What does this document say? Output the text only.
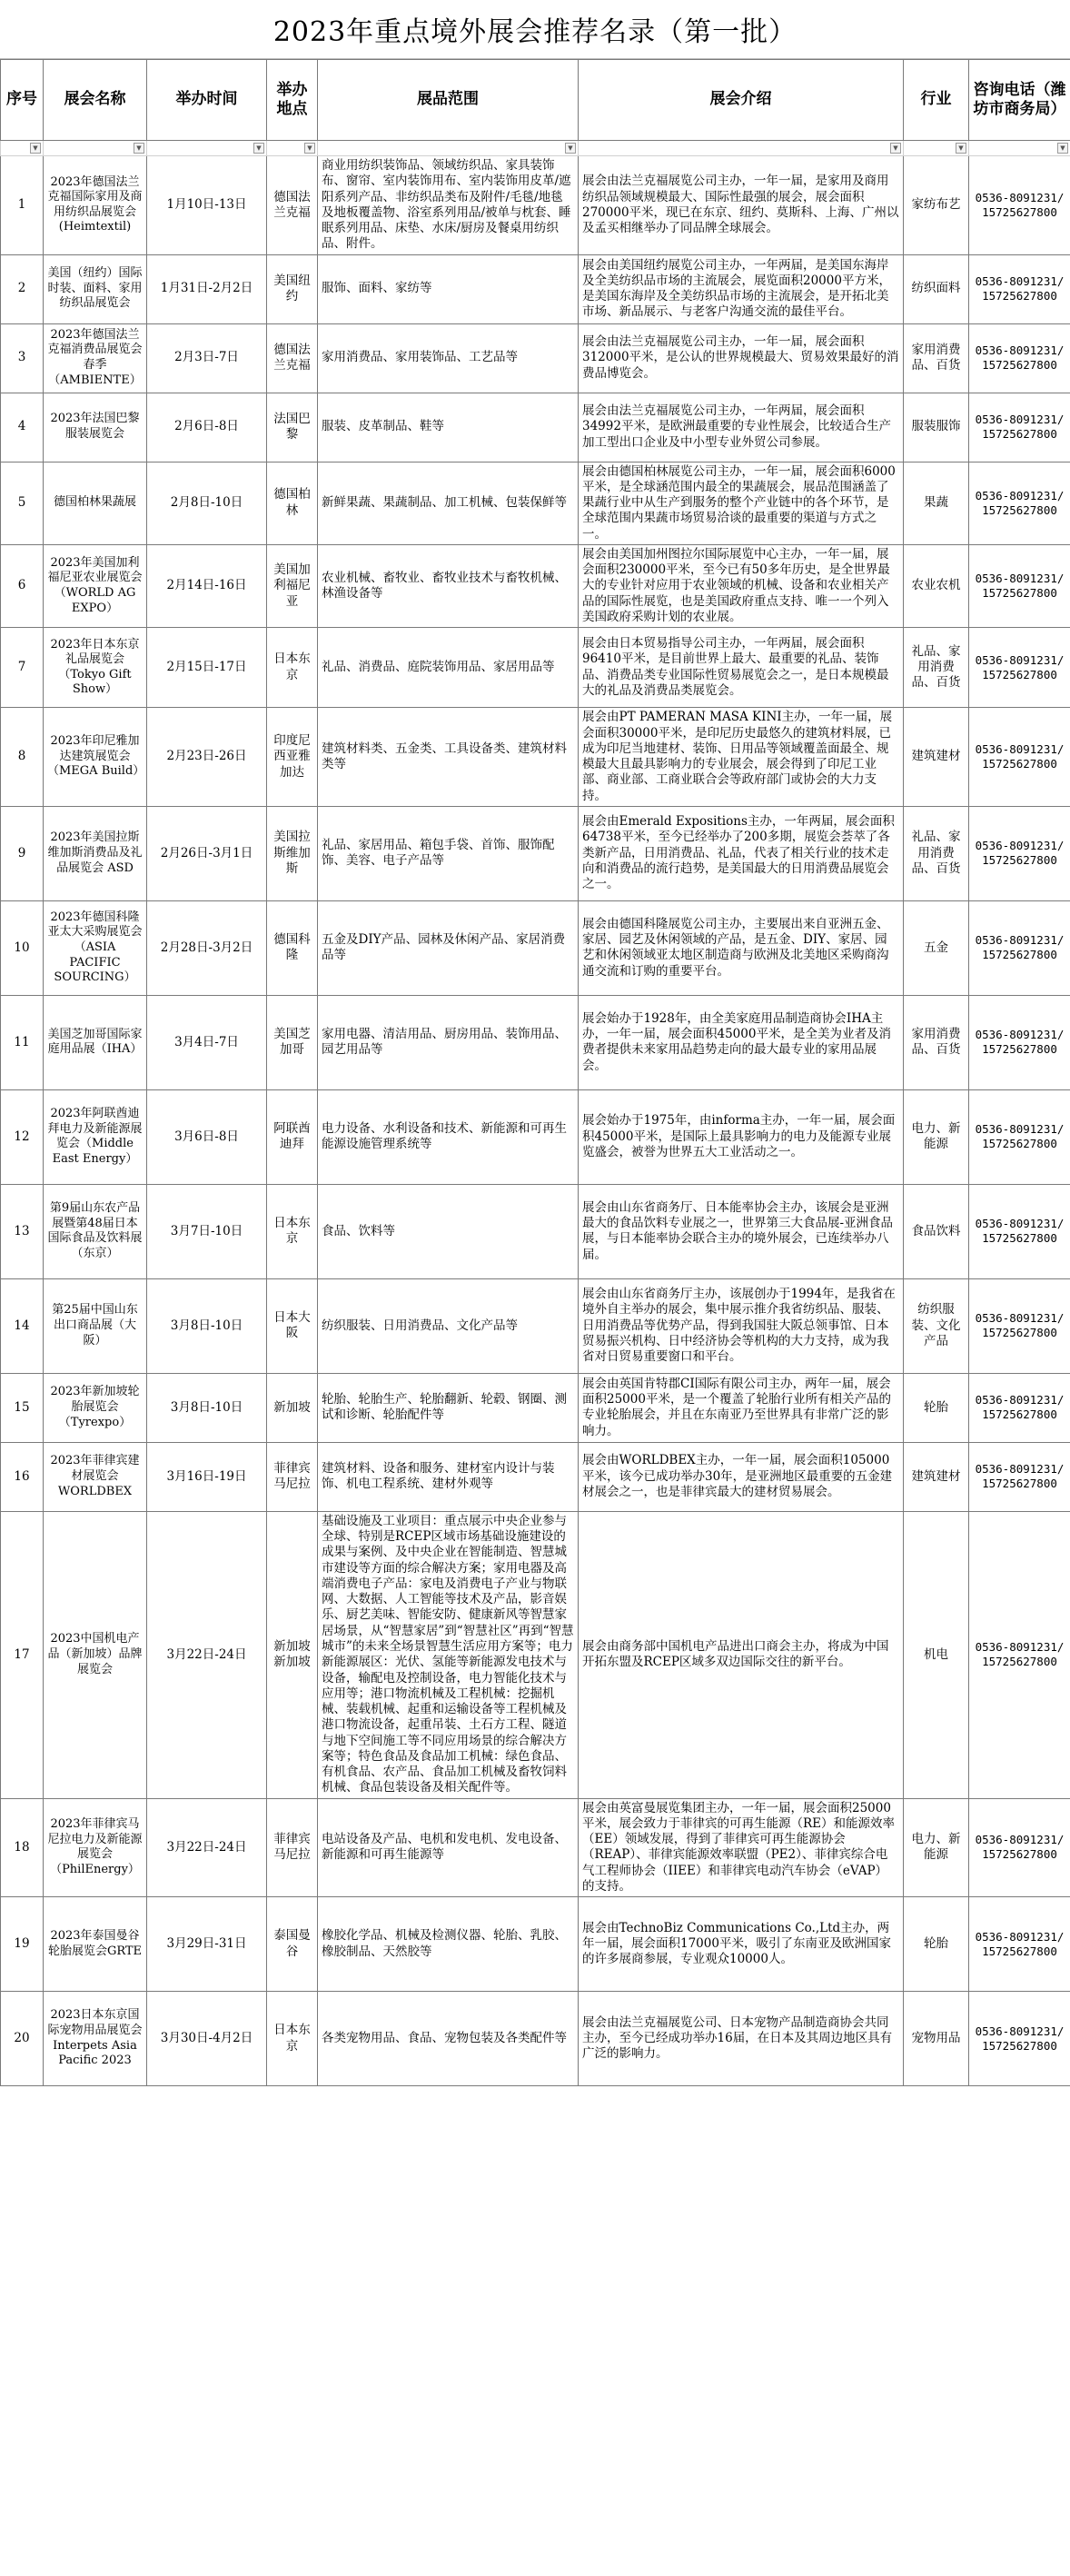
2023年重点境外展会推荐名录（第一批）
▼	▼	▼	▼	▼	▼	▼	▼

序号	展会名称	举办时间	举办地点	展品范围	展会介绍	行业	咨询电话（潍坊市商务局）
1	2023年德国法兰克福国际家用及商用纺织品展览会(Heimtextil)	1月10日-13日	德国法兰克福	商业用纺织装饰品、领域纺织品、家具装饰布、窗帘、室内装饰用布、室内装饰用皮革/遮阳系列产品、非纺织品类布及附件/毛毯/地毯及地板覆盖物、浴室系列用品/被单与枕套、睡眠系列用品、床垫、水床/厨房及餐桌用纺织品、附件。	展会由法兰克福展览公司主办，一年一届，是家用及商用纺织品领域规模最大、国际性最强的展会，展会面积270000平米，现已在东京、纽约、莫斯科、上海、广州以及孟买相继举办了同品牌全球展会。	家纺布艺	0536-8091231/15725627800
2	美国（纽约）国际时装、面料、家用纺织品展览会	1月31日-2月2日	美国纽约	服饰、面料、家纺等	展会由美国纽约展览公司主办，一年两届，是美国东海岸及全美纺织品市场的主流展会，展览面积20000平方米，是美国东海岸及全美纺织品市场的主流展会，是开拓北美市场、新品展示、与老客户沟通交流的最佳平台。	纺织面料	0536-8091231/15725627800
3	2023年德国法兰克福消费品展览会春季（AMBIENTE）	2月3日-7日	德国法兰克福	家用消费品、家用装饰品、工艺品等	展会由法兰克福展览公司主办，一年一届，展会面积312000平米，是公认的世界规模最大、贸易效果最好的消费品博览会。	家用消费品、百货	0536-8091231/15725627800
4	2023年法国巴黎服装展览会	2月6日-8日	法国巴黎	服装、皮革制品、鞋等	展会由法兰克福展览公司主办，一年两届，展会面积34992平米，是欧洲最重要的专业性展会，比较适合生产加工型出口企业及中小型专业外贸公司参展。	服装服饰	0536-8091231/15725627800
5	德国柏林果蔬展	2月8日-10日	德国柏林	新鲜果蔬、果蔬制品、加工机械、包装保鲜等	展会由德国柏林展览公司主办，一年一届，展会面积6000平米，是全球涵范围内最全的果蔬展会，展品范围涵盖了果蔬行业中从生产到服务的整个产业链中的各个环节，是全球范围内果蔬市场贸易洽谈的最重要的渠道与方式之一。	果蔬	0536-8091231/15725627800
6	2023年美国加利福尼亚农业展览会（WORLD AG EXPO）	2月14日-16日	美国加利福尼亚	农业机械、畜牧业、畜牧业技术与畜牧机械、林渔设备等	展会由美国加州图拉尔国际展览中心主办，一年一届，展会面积230000平米，至今已有50多年历史，是全世界最大的专业针对应用于农业领域的机械、设备和农业相关产品的国际性展览，也是美国政府重点支持、唯一一个列入美国政府采购计划的农业展。	农业农机	0536-8091231/15725627800
7	2023年日本东京礼品展览会（Tokyo Gift Show）	2月15日-17日	日本东京	礼品、消费品、庭院装饰用品、家居用品等	展会由日本贸易指导公司主办，一年两届，展会面积96410平米，是目前世界上最大、最重要的礼品、装饰品、消费品类专业国际性贸易展览会之一，是日本规模最大的礼品及消费品类展览会。	礼品、家用消费品、百货	0536-8091231/15725627800
8	2023年印尼雅加达建筑展览会（MEGA Build）	2月23日-26日	印度尼西亚雅加达	建筑材料类、五金类、工具设备类、建筑材料类等	展会由PT PAMERAN MASA KINI主办，一年一届，展会面积30000平米，是印尼历史最悠久的建筑材料展，已成为印尼当地建材、装饰、日用品等领域覆盖面最全、规模最大且最具影响力的专业展会，展会得到了印尼工业部、商业部、工商业联合会等政府部门或协会的大力支持。	建筑建材	0536-8091231/15725627800
9	2023年美国拉斯维加斯消费品及礼品展览会 ASD	2月26日-3月1日	美国拉斯维加斯	礼品、家居用品、箱包手袋、首饰、服饰配饰、美容、电子产品等	展会由Emerald Expositions主办，一年两届，展会面积64738平米，至今已经举办了200多期，展览会荟萃了各类新产品，日用消费品、礼品，代表了相关行业的技术走向和消费品的流行趋势，是美国最大的日用消费品展览会之一。	礼品、家用消费品、百货	0536-8091231/15725627800
10	2023年德国科隆亚太大采购展览会（ASIA PACIFIC SOURCING）	2月28日-3月2日	德国科隆	五金及DIY产品、园林及休闲产品、家居消费品等	展会由德国科隆展览公司主办，主要展出来自亚洲五金、家居、园艺及休闲领域的产品，是五金、DIY、家居、园艺和休闲领域亚太地区制造商与欧洲及北美地区采购商沟通交流和订购的重要平台。	五金	0536-8091231/15725627800
11	美国芝加哥国际家庭用品展（IHA）	3月4日-7日	美国芝加哥	家用电器、清洁用品、厨房用品、装饰用品、园艺用品等	展会始办于1928年，由全美家庭用品制造商协会IHA主办，一年一届，展会面积45000平米，是全美为业者及消费者提供未来家用品趋势走向的最大最专业的家用品展会。	家用消费品、百货	0536-8091231/15725627800
12	2023年阿联酋迪拜电力及新能源展览会（Middle East Energy）	3月6日-8日	阿联酋迪拜	电力设备、水利设备和技术、新能源和可再生能源设施管理系统等	展会始办于1975年，由informa主办，一年一届，展会面积45000平米，是国际上最具影响力的电力及能源专业展览盛会，被誉为世界五大工业活动之一。	电力、新能源	0536-8091231/15725627800
13	第9届山东农产品展暨第48届日本国际食品及饮料展（东京）	3月7日-10日	日本东京	食品、饮料等	展会由山东省商务厅、日本能率协会主办，该展会是亚洲最大的食品饮料专业展之一，世界第三大食品展-亚洲食品展，与日本能率协会联合主办的境外展会，已连续举办八届。	食品饮料	0536-8091231/15725627800
14	第25届中国山东出口商品展（大阪）	3月8日-10日	日本大阪	纺织服装、日用消费品、文化产品等	展会由山东省商务厅主办，该展创办于1994年，是我省在境外自主举办的展会，集中展示推介我省纺织品、服装、日用消费品等优势产品，得到我国驻大阪总领事馆、日本贸易振兴机构、日中经济协会等机构的大力支持，成为我省对日贸易重要窗口和平台。	纺织服装、文化产品	0536-8091231/15725627800
15	2023年新加坡轮胎展览会（Tyrexpo）	3月8日-10日	新加坡	轮胎、轮胎生产、轮胎翻新、轮毂、钢圈、测试和诊断、轮胎配件等	展会由英国肯特郡CI国际有限公司主办，两年一届，展会面积25000平米，是一个覆盖了轮胎行业所有相关产品的专业轮胎展会，并且在东南亚乃至世界具有非常广泛的影响力。	轮胎	0536-8091231/15725627800
16	2023年菲律宾建材展览会WORLDBEX	3月16日-19日	菲律宾马尼拉	建筑材料、设备和服务、建材室内设计与装饰、机电工程系统、建材外观等	展会由WORLDBEX主办，一年一届，展会面积105000平米，该今已成功举办30年，是亚洲地区最重要的五金建材展会之一，也是菲律宾最大的建材贸易展会。	建筑建材	0536-8091231/15725627800
17	2023中国机电产品（新加坡）品牌展览会	3月22日-24日	新加坡新加坡	基础设施及工业项目：重点展示中央企业参与全球、特别是RCEP区域市场基础设施建设的成果与案例、及中央企业在智能制造、智慧城市建设等方面的综合解决方案；家用电器及高端消费电子产品：家电及消费电子产业与物联网、大数据、人工智能等技术及产品，影音娱乐、厨艺美味、智能安防、健康新风等智慧家居场景，从“智慧家居”到“智慧社区”再到“智慧城市”的未来全场景智慧生活应用方案等；电力新能源展区：光伏、氢能等新能源发电技术与设备，输配电及控制设备，电力智能化技术与应用等；港口物流机械及工程机械：挖掘机械、装载机械、起重和运输设备等工程机械及港口物流设备，起重吊装、土石方工程、隧道与地下空间施工等不同应用场景的综合解决方案等；特色食品及食品加工机械：绿色食品、有机食品、农产品、食品加工机械及畜牧饲料机械、食品包装设备及相关配件等。	展会由商务部中国机电产品进出口商会主办，将成为中国开拓东盟及RCEP区域多双边国际交往的新平台。	机电	0536-8091231/15725627800
18	2023年菲律宾马尼拉电力及新能源展览会（PhilEnergy）	3月22日-24日	菲律宾马尼拉	电站设备及产品、电机和发电机、发电设备、新能源和可再生能源等	展会由英富曼展览集团主办，一年一届，展会面积25000平米，展会致力于菲律宾的可再生能源（RE）和能源效率（EE）领域发展，得到了菲律宾可再生能源协会（REAP）、菲律宾能源效率联盟（PE2）、菲律宾综合电气工程师协会（IIEE）和菲律宾电动汽车协会（eVAP）的支持。	电力、新能源	0536-8091231/15725627800
19	2023年泰国曼谷轮胎展览会GRTE	3月29日-31日	泰国曼谷	橡胶化学品、机械及检测仪器、轮胎、乳胶、橡胶制品、天然胶等	展会由TechnoBiz Communications Co.,Ltd主办，两年一届，展会面积17000平米，吸引了东南亚及欧洲国家的许多展商参展，专业观众10000人。	轮胎	0536-8091231/15725627800
20	2023日本东京国际宠物用品展览会Interpets Asia Pacific 2023	3月30日-4月2日	日本东京	各类宠物用品、食品、宠物包装及各类配件等	展会由法兰克福展览公司、日本宠物产品制造商协会共同主办，至今已经成功举办16届，在日本及其周边地区具有广泛的影响力。	宠物用品	0536-8091231/15725627800
